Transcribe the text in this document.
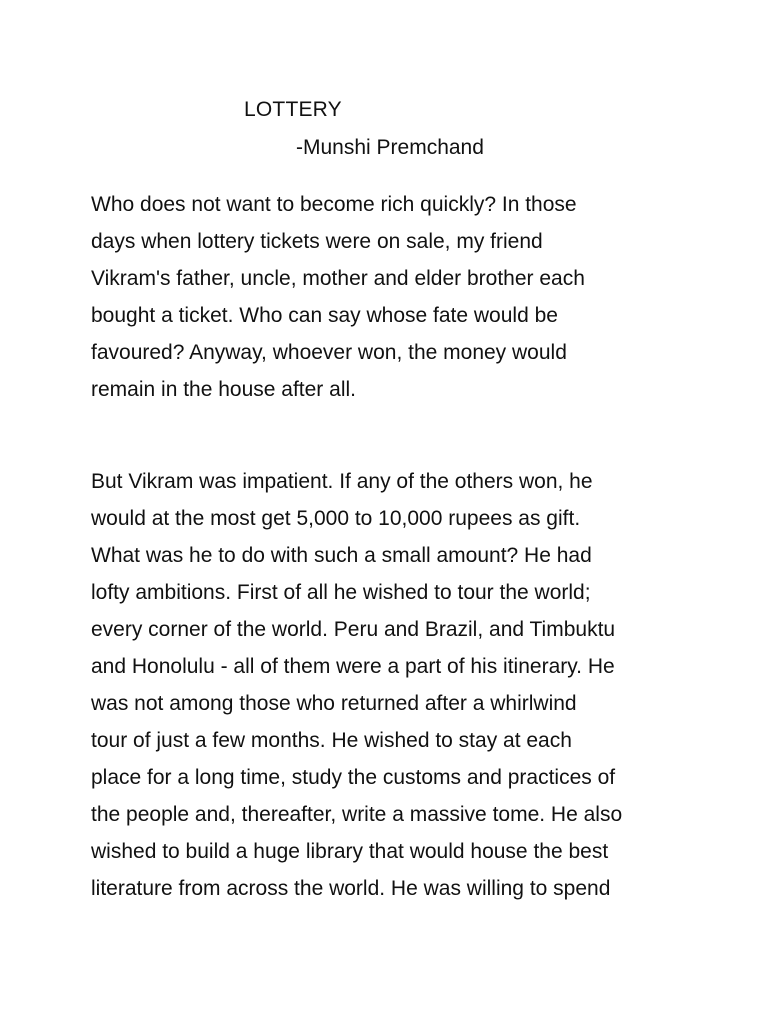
LOTTERY
-Munshi Premchand
Who does not want to become rich quickly? In those
days when lottery tickets were on sale, my friend
Vikram's father, uncle, mother and elder brother each
bought a ticket. Who can say whose fate would be
favoured? Anyway, whoever won, the money would
remain in the house after all.
But Vikram was impatient. If any of the others won, he
would at the most get 5,000 to 10,000 rupees as gift.
What was he to do with such a small amount? He had
lofty ambitions. First of all he wished to tour the world;
every corner of the world. Peru and Brazil, and Timbuktu
and Honolulu - all of them were a part of his itinerary. He
was not among those who returned after a whirlwind
tour of just a few months. He wished to stay at each
place for a long time, study the customs and practices of
the people and, thereafter, write a massive tome. He also
wished to build a huge library that would house the best
literature from across the world. He was willing to spend
